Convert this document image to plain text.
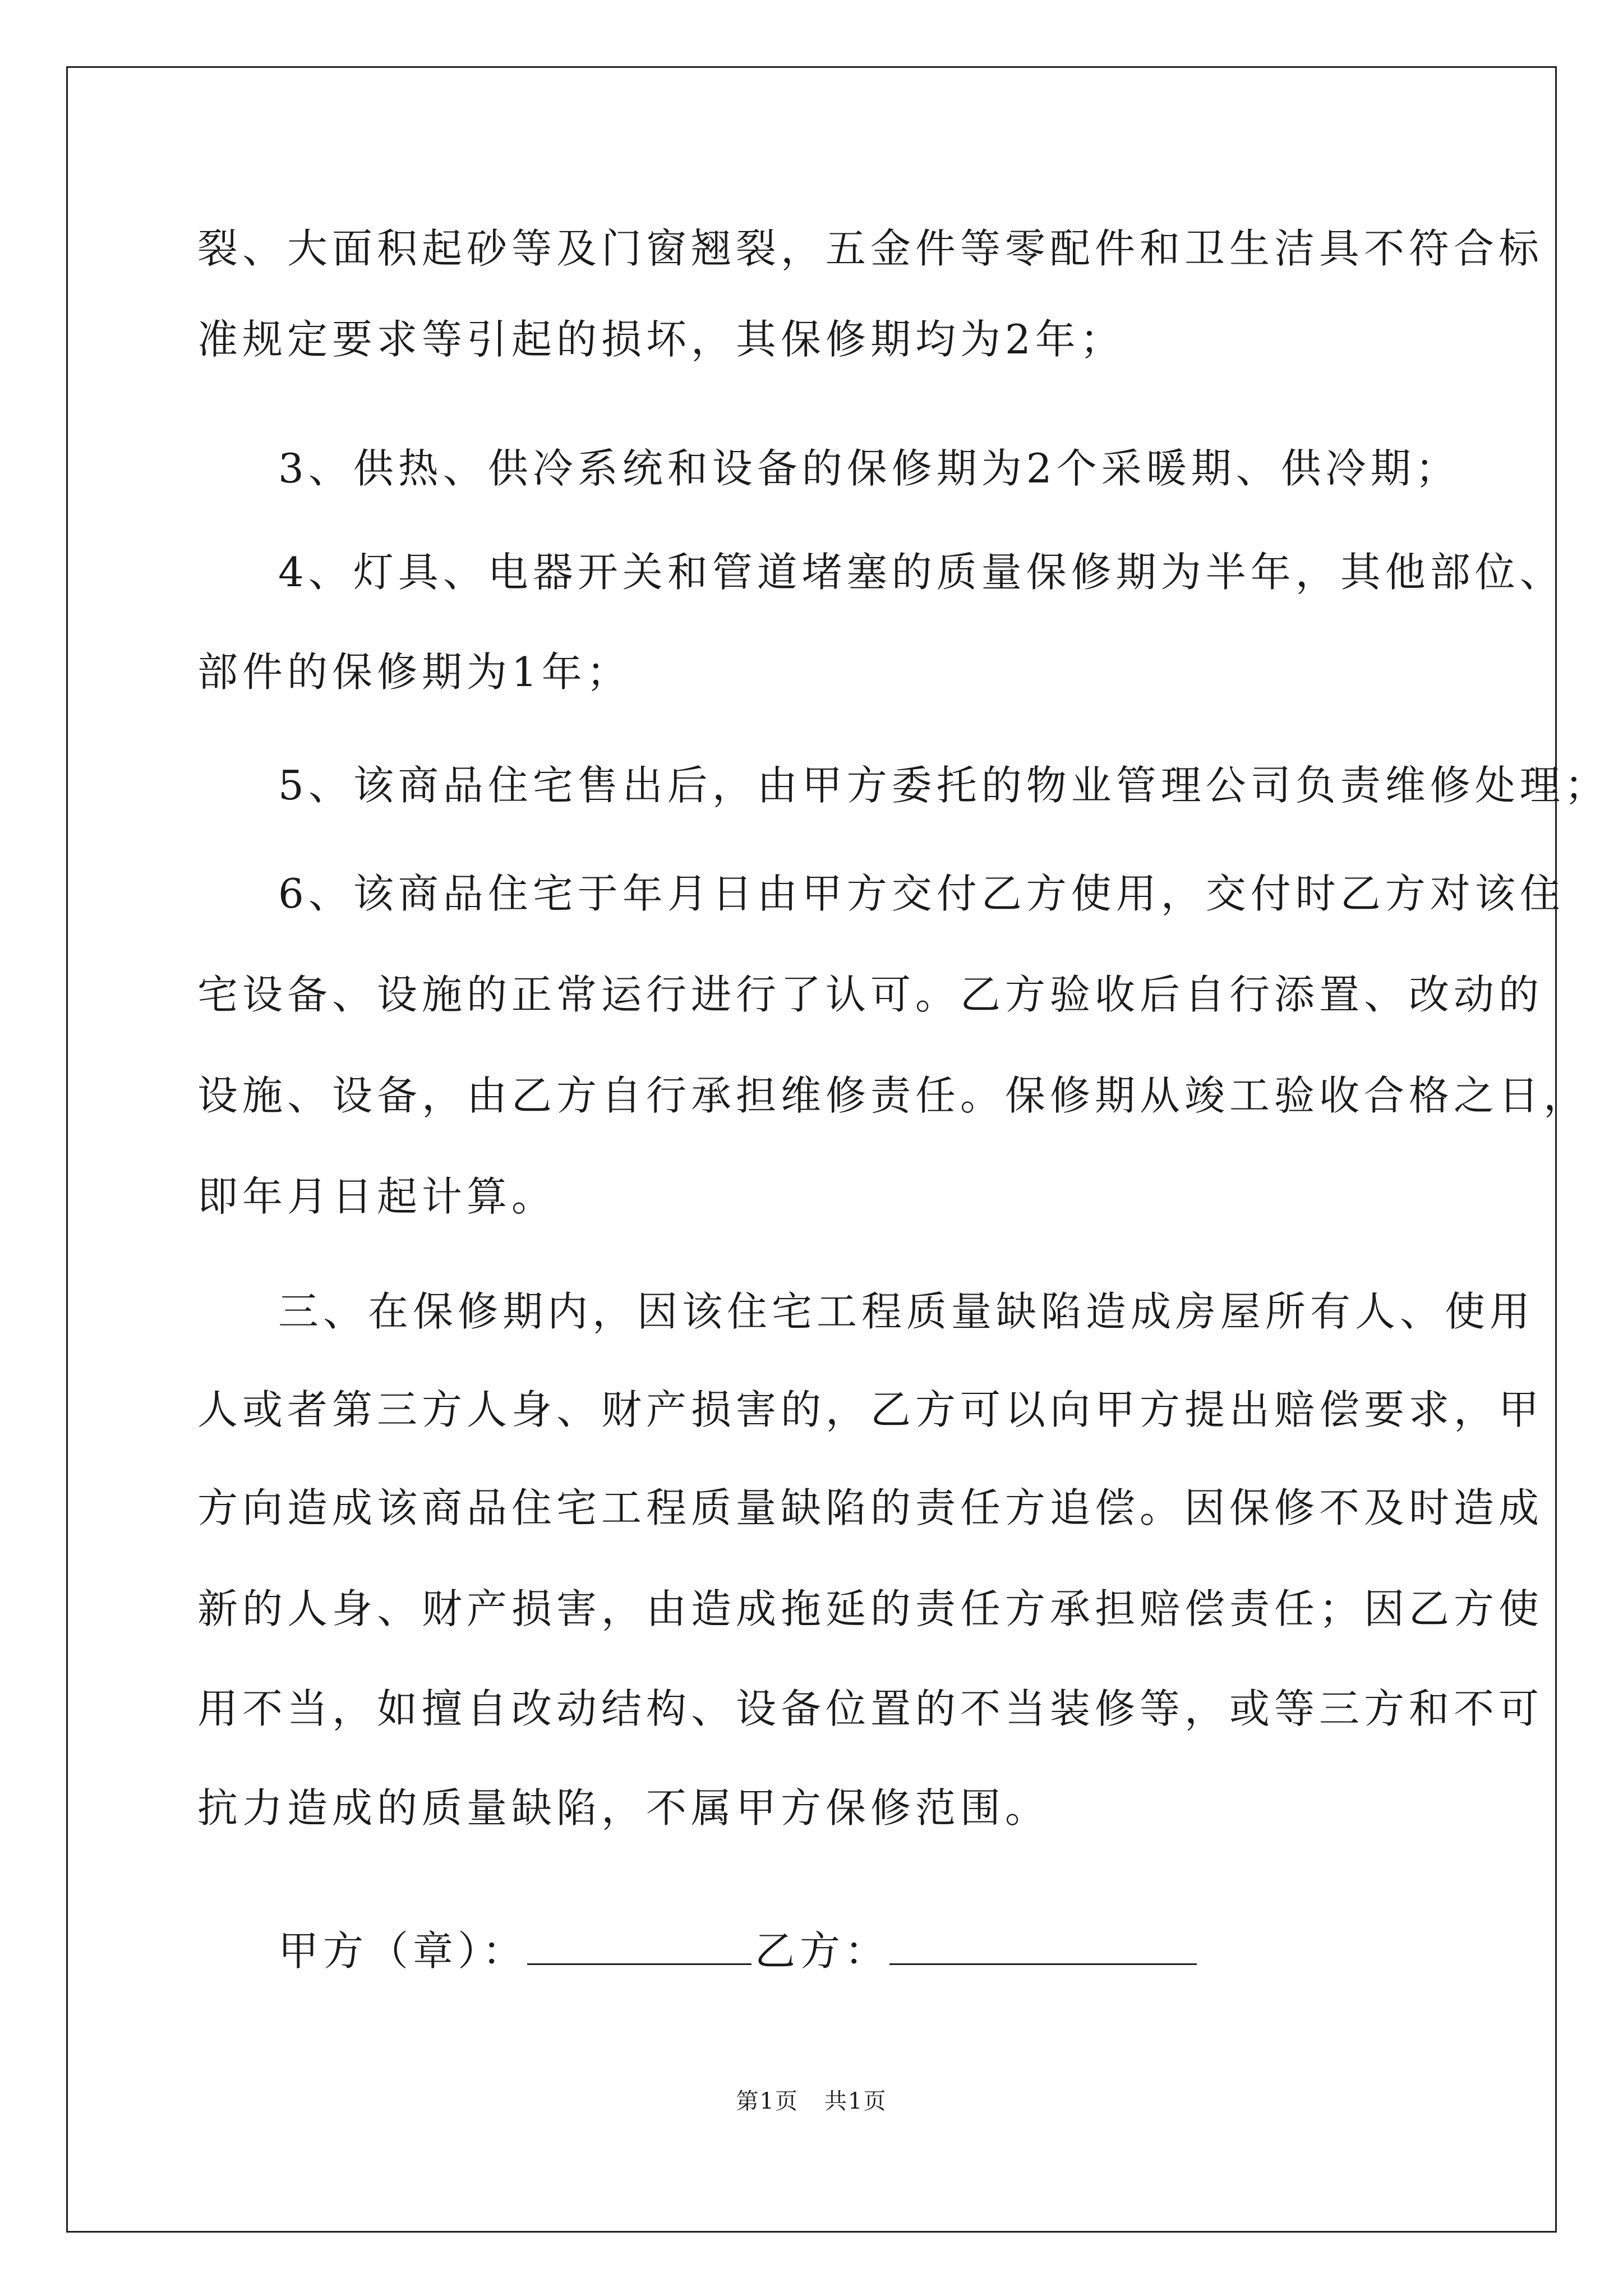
裂、大面积起砂等及门窗翘裂，五金件等零配件和卫生洁具不符合标
准规定要求等引起的损坏，其保修期均为2年；
3、供热、供冷系统和设备的保修期为2个采暖期、供冷期；
4、灯具、电器开关和管道堵塞的质量保修期为半年，其他部位、
部件的保修期为1年；
5、该商品住宅售出后，由甲方委托的物业管理公司负责维修处理；
6、该商品住宅于年月日由甲方交付乙方使用，交付时乙方对该住
宅设备、设施的正常运行进行了认可。乙方验收后自行添置、改动的
设施、设备，由乙方自行承担维修责任。保修期从竣工验收合格之日，
即年月日起计算。
三、在保修期内，因该住宅工程质量缺陷造成房屋所有人、使用
人或者第三方人身、财产损害的，乙方可以向甲方提出赔偿要求，甲
方向造成该商品住宅工程质量缺陷的责任方追偿。因保修不及时造成
新的人身、财产损害，由造成拖延的责任方承担赔偿责任；因乙方使
用不当，如擅自改动结构、设备位置的不当装修等，或等三方和不可
抗力造成的质量缺陷，不属甲方保修范围。
甲方（章）：	乙方：
第1页 共1页
